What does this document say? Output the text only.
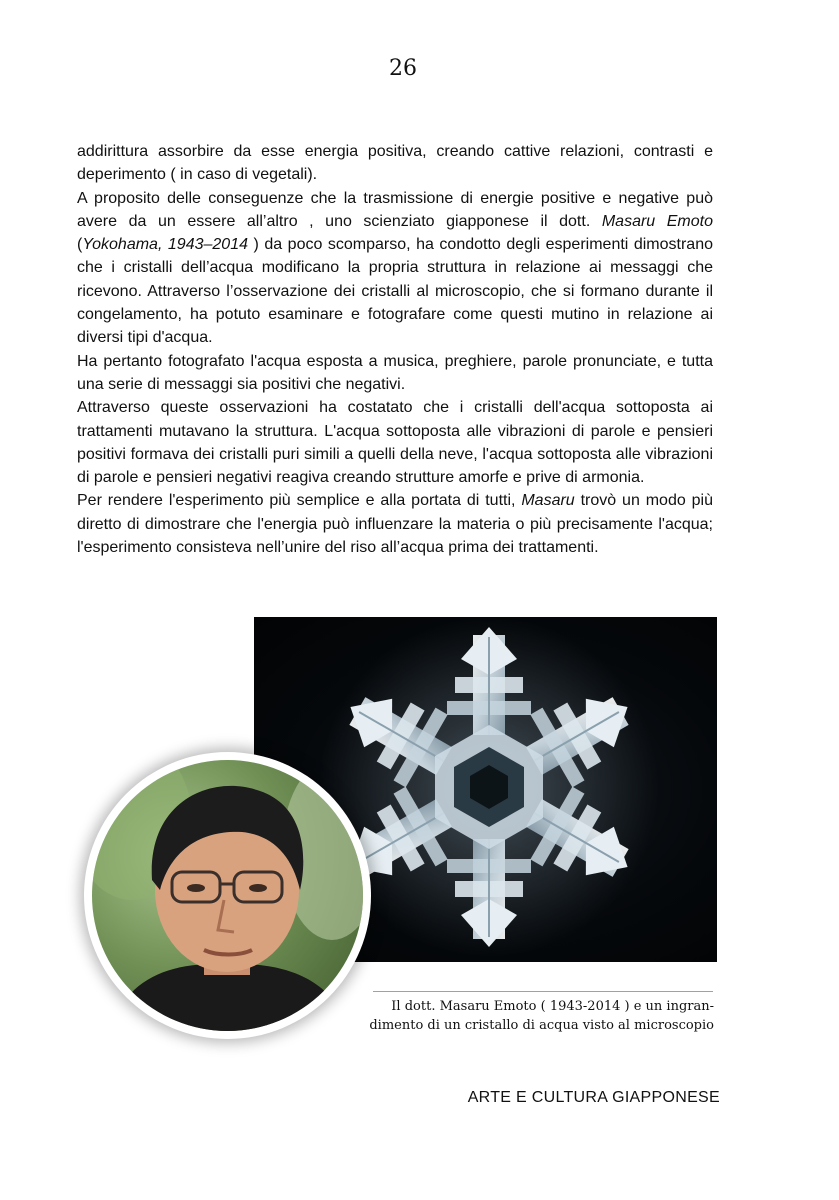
26

addirittura assorbire da esse energia positiva, creando cattive relazioni, contrasti e deperimento ( in caso di vegetali).

A proposito delle conseguenze che la trasmissione di energie positive e negative può avere da un essere all’altro , uno scienziato giapponese il dott. Masaru Emoto (Yokohama, 1943–2014 ) da poco scomparso, ha condotto degli esperimenti dimostrano che i cristalli dell’acqua modificano la propria struttura in relazione ai messaggi che ricevono. Attraverso l’osservazione dei cristalli al microscopio, che si formano durante il congelamento, ha potuto esaminare e fotografare come questi mutino in relazione ai diversi tipi d'acqua.

Ha pertanto fotografato l'acqua esposta a musica, preghiere, parole pronunciate, e tutta una serie di messaggi sia positivi che negativi.

Attraverso queste osservazioni ha costatato che i cristalli dell'acqua sottoposta ai trattamenti mutavano la struttura. L'acqua sottoposta alle vibrazioni di parole e pensieri positivi formava dei cristalli puri simili a quelli della neve, l'acqua sottoposta alle vibrazioni di parole e pensieri negativi reagiva creando strutture amorfe e prive di armonia.

Per rendere l'esperimento più semplice e alla portata di tutti, Masaru trovò un modo più diretto di dimostrare che l'energia può influenzare la materia o più precisamente l'acqua; l'esperimento consisteva nell’unire del riso all’acqua prima dei trattamenti.

Il dott. Masaru Emoto ( 1943-2014 ) e un ingran-
dimento di un cristallo di acqua visto al microscopio

ARTE E CULTURA GIAPPONESE
